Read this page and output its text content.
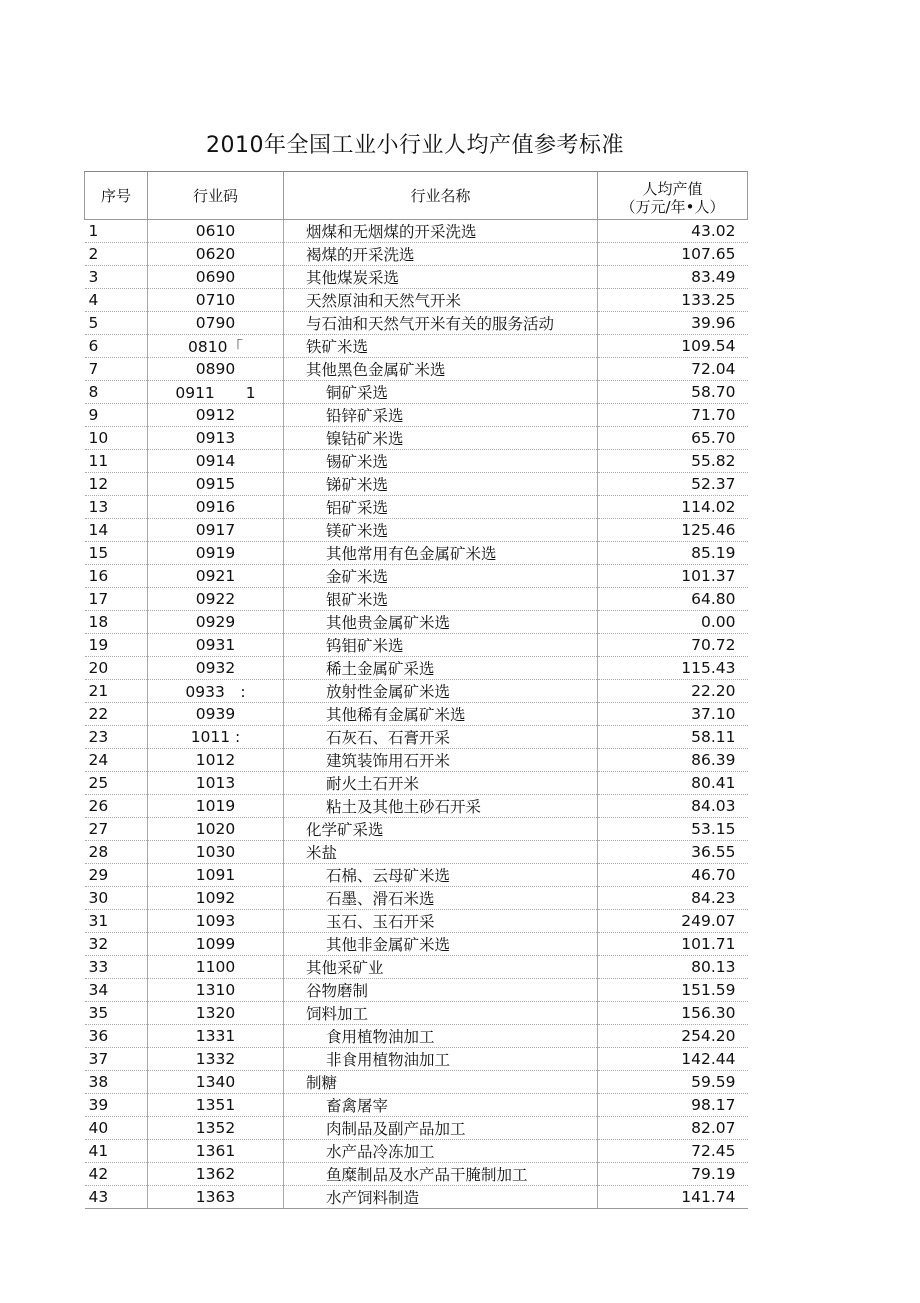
2010年全国工业小行业人均产值参考标准
序号	行业码	行业名称	人均产值
（万元/年•人）

1	0610	烟煤和无烟煤的开采洗选	43.02
2	0620	褐煤的开采洗选	107.65
3	0690	其他煤炭采选	83.49
4	0710	天然原油和天然气开米	133.25
5	0790	与石油和天然气开米有关的服务活动	39.96
6	0810「	铁矿米选	109.54
7	0890	其他黑色金属矿米选	72.04
8	0911　　1	铜矿采选	58.70
9	0912	铅锌矿采选	71.70
10	0913	镍钴矿米选	65.70
11	0914	锡矿米选	55.82
12	0915	锑矿米选	52.37
13	0916	铝矿采选	114.02
14	0917	镁矿米选	125.46
15	0919	其他常用有色金属矿米选	85.19
16	0921	金矿米选	101.37
17	0922	银矿米选	64.80
18	0929	其他贵金属矿米选	0.00
19	0931	钨钼矿米选	70.72
20	0932	稀土金属矿采选	115.43
21	0933　:	放射性金属矿米选	22.20
22	0939	其他稀有金属矿米选	37.10
23	1011 :	石灰石、石膏开采	58.11
24	1012	建筑装饰用石开米	86.39
25	1013	耐火土石开米	80.41
26	1019	粘土及其他土砂石开采	84.03
27	1020	化学矿采选	53.15
28	1030	米盐	36.55
29	1091	石棉、云母矿米选	46.70
30	1092	石墨、滑石米选	84.23
31	1093	玉石、玉石开采	249.07
32	1099	其他非金属矿米选	101.71
33	1100	其他采矿业	80.13
34	1310	谷物磨制	151.59
35	1320	饲料加工	156.30
36	1331	食用植物油加工	254.20
37	1332	非食用植物油加工	142.44
38	1340	制糖	59.59
39	1351	畜禽屠宰	98.17
40	1352	肉制品及副产品加工	82.07
41	1361	水产品冷冻加工	72.45
42	1362	鱼糜制品及水产品干腌制加工	79.19
43	1363	水产饲料制造	141.74
